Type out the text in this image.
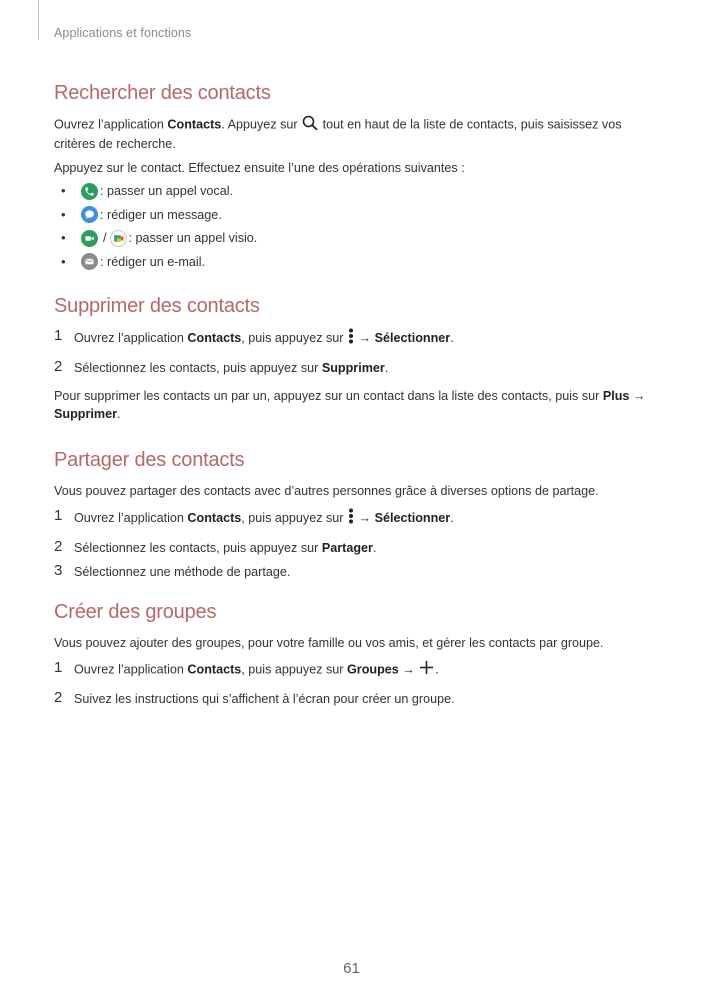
Applications et fonctions
Rechercher des contacts

Ouvrez l’application Contacts. Appuyez sur  tout en haut de la liste de contacts, puis saisissez vos critères de recherche.

Appuyez sur le contact. Effectuez ensuite l’une des opérations suivantes :

•	: passer un appel vocal.
•	: rédiger un message.
•	/ : passer un appel visio.
•	: rédiger un e-mail.
Supprimer des contacts
1 Ouvrez l’application Contacts, puis appuyez sur  → Sélectionner.
2 Sélectionnez les contacts, puis appuyez sur Supprimer.

Pour supprimer les contacts un par un, appuyez sur un contact dans la liste des contacts, puis sur Plus → Supprimer.

Partager des contacts

Vous pouvez partager des contacts avec d’autres personnes grâce à diverses options de partage.

1 Ouvrez l’application Contacts, puis appuyez sur  → Sélectionner.
2 Sélectionnez les contacts, puis appuyez sur Partager.
3 Sélectionnez une méthode de partage.
Créer des groupes

Vous pouvez ajouter des groupes, pour votre famille ou vos amis, et gérer les contacts par groupe.

1 Ouvrez l’application Contacts, puis appuyez sur Groupes → .
2 Suivez les instructions qui s’affichent à l’écran pour créer un groupe.
61
